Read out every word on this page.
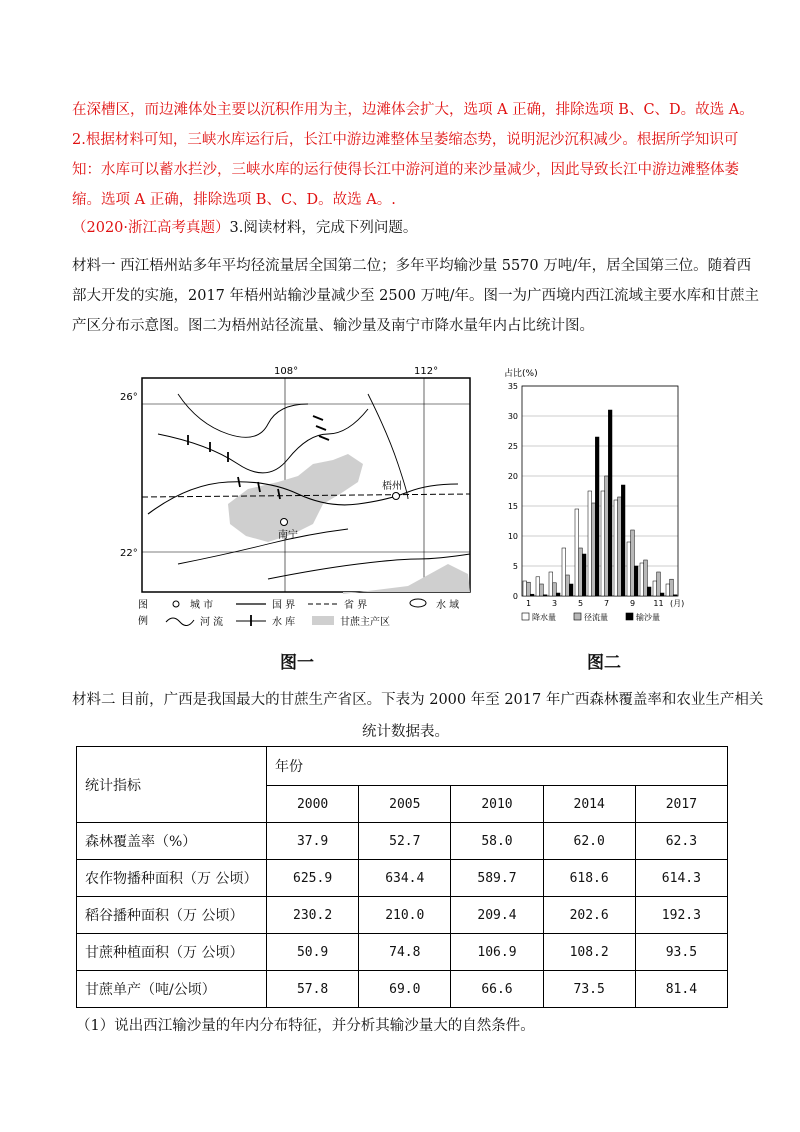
在深槽区，而边滩体处主要以沉积作用为主，边滩体会扩大，选项 A 正确，排除选项 B、C、D。故选 A。
2.根据材料可知，三峡水库运行后，长江中游边滩整体呈萎缩态势，说明泥沙沉积减少。根据所学知识可
知：水库可以蓄水拦沙，三峡水库的运行使得长江中游河道的来沙量减少，因此导致长江中游边滩整体萎
缩。选项 A 正确，排除选项 B、C、D。故选 A。.
（2020·浙江高考真题）3.阅读材料，完成下列问题。
材料一 西江梧州站多年平均径流量居全国第二位；多年平均输沙量 5570 万吨/年，居全国第三位。随着西
部大开发的实施，2017 年梧州站输沙量减少至 2500 万吨/年。图一为广西境内西江流域主要水库和甘蔗主
产区分布示意图。图二为梧州站径流量、输沙量及南宁市降水量年内占比统计图。
108°	112°
26°
22°
梧州
南宁
图
例
城 市	国 界	省 界	水 域
河 流	水 库	甘蔗主产区
图一
占比(%)
0
5
10
15
20
25
30
35
1	3	5	7	9 11 (月)
降水量	径流量	输沙量
图二
材料二 目前，广西是我国最大的甘蔗生产省区。下表为 2000 年至 2017 年广西森林覆盖率和农业生产相关
统计数据表。
统计指标	年份				
	2000	2005	2010	2014	2017
森林覆盖率（%）	37.9	52.7	58.0	62.0	62.3
农作物播种面积（万 公顷）	625.9	634.4	589.7	618.6	614.3
稻谷播种面积（万 公顷）	230.2	210.0	209.4	202.6	192.3
甘蔗种植面积（万 公顷）	50.9	74.8	106.9	108.2	93.5
甘蔗单产（吨/公顷）	57.8	69.0	66.6	73.5	81.4
（1）说出西江输沙量的年内分布特征，并分析其输沙量大的自然条件。
